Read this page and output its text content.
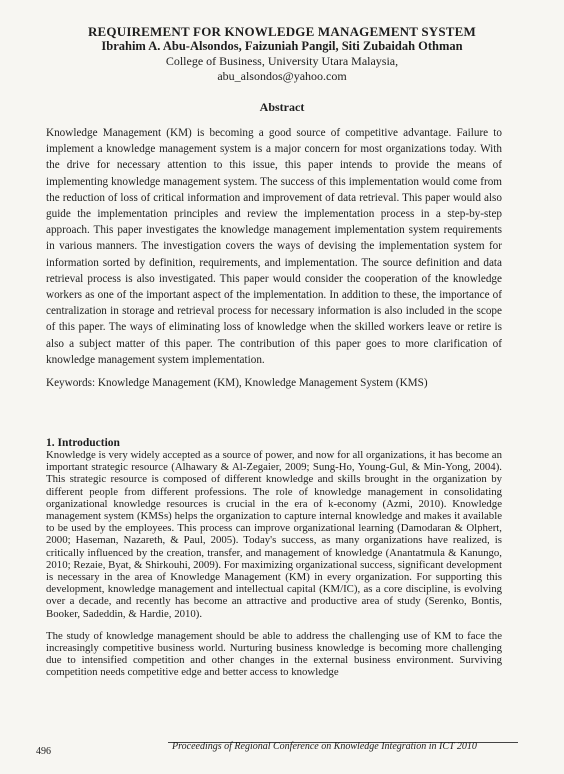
REQUIREMENT FOR KNOWLEDGE MANAGEMENT SYSTEM
Ibrahim A. Abu-Alsondos, Faizuniah Pangil, Siti Zubaidah Othman
College of Business, University Utara Malaysia,
abu_alsondos@yahoo.com
Abstract

Knowledge Management (KM) is becoming a good source of competitive advantage. Failure to implement a knowledge management system is a major concern for most organizations today. With the drive for necessary attention to this issue, this paper intends to provide the means of implementing knowledge management system. The success of this implementation would come from the reduction of loss of critical information and improvement of data retrieval. This paper would also guide the implementation principles and review the implementation process in a step-by-step approach. This paper investigates the knowledge management implementation system requirements in various manners. The investigation covers the ways of devising the implementation system for information sorted by definition, requirements, and implementation. The source definition and data retrieval process is also investigated. This paper would consider the cooperation of the knowledge workers as one of the important aspect of the implementation. In addition to these, the importance of centralization in storage and retrieval process for necessary information is also included in the scope of this paper. The ways of eliminating loss of knowledge when the skilled workers leave or retire is also a subject matter of this paper. The contribution of this paper goes to more clarification of knowledge management system implementation.

Keywords: Knowledge Management (KM), Knowledge Management System (KMS)

1. Introduction

Knowledge is very widely accepted as a source of power, and now for all organizations, it has become an important strategic resource (Alhawary & Al-Zegaier, 2009; Sung-Ho, Young-Gul, & Min-Yong, 2004). This strategic resource is composed of different knowledge and skills brought in the organization by different people from different professions. The role of knowledge management in consolidating organizational knowledge resources is crucial in the era of k-economy (Azmi, 2010). Knowledge management system (KMSs) helps the organization to capture internal knowledge and makes it available to be used by the employees. This process can improve organizational learning (Damodaran & Olphert, 2000; Haseman, Nazareth, & Paul, 2005). Today's success, as many organizations have realized, is critically influenced by the creation, transfer, and management of knowledge (Anantatmula & Kanungo, 2010; Rezaie, Byat, & Shirkouhi, 2009). For maximizing organizational success, significant development is necessary in the area of Knowledge Management (KM) in every organization. For supporting this development, knowledge management and intellectual capital (KM/IC), as a core discipline, is evolving over a decade, and recently has become an attractive and productive area of study (Serenko, Bontis, Booker, Sadeddin, & Hardie, 2010).

The study of knowledge management should be able to address the challenging use of KM to face the increasingly competitive business world. Nurturing business knowledge is becoming more challenging due to intensified competition and other changes in the external business environment. Surviving competition needs competitive edge and better access to knowledge

496	Proceedings of Regional Conference on Knowledge Integration in ICT 2010
